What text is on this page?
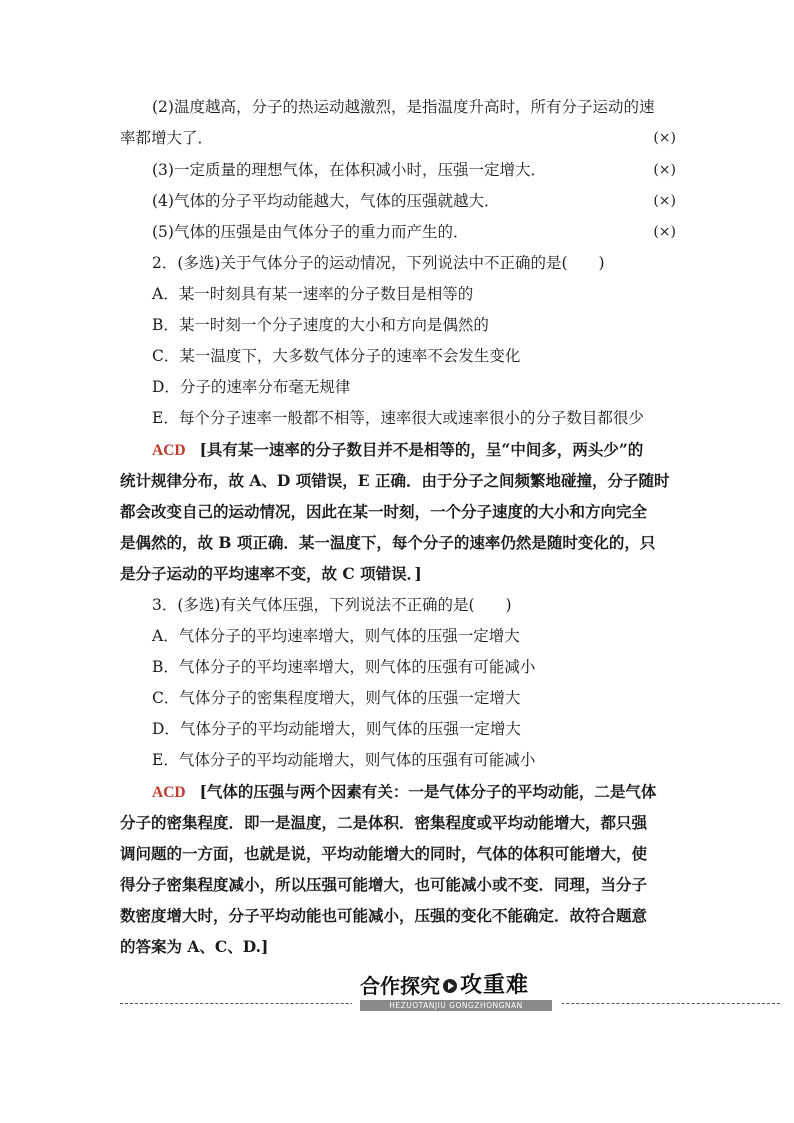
(2)温度越高，分子的热运动越激烈，是指温度升高时，所有分子运动的速
率都增大了．	(×)
(3)一定质量的理想气体，在体积减小时，压强一定增大．	(×)
(4)气体的分子平均动能越大，气体的压强就越大．	(×)
(5)气体的压强是由气体分子的重力而产生的．	(×)
2．(多选)关于气体分子的运动情况，下列说法中不正确的是(　　)
A．某一时刻具有某一速率的分子数目是相等的
B．某一时刻一个分子速度的大小和方向是偶然的
C．某一温度下，大多数气体分子的速率不会发生变化
D．分子的速率分布毫无规律
E．每个分子速率一般都不相等，速率很大或速率很小的分子数目都很少
ACD [具有某一速率的分子数目并不是相等的，呈“中间多，两头少”的
统计规律分布，故 A、D 项错误，E 正确．由于分子之间频繁地碰撞，分子随时
都会改变自己的运动情况，因此在某一时刻，一个分子速度的大小和方向完全
是偶然的，故 B 项正确．某一温度下，每个分子的速率仍然是随时变化的，只
是分子运动的平均速率不变，故 C 项错误．]
3．(多选)有关气体压强，下列说法不正确的是(　　)
A．气体分子的平均速率增大，则气体的压强一定增大
B．气体分子的平均速率增大，则气体的压强有可能减小
C．气体分子的密集程度增大，则气体的压强一定增大
D．气体分子的平均动能增大，则气体的压强一定增大
E．气体分子的平均动能增大，则气体的压强有可能减小
ACD [气体的压强与两个因素有关：一是气体分子的平均动能，二是气体
分子的密集程度．即一是温度，二是体积．密集程度或平均动能增大，都只强
调问题的一方面，也就是说，平均动能增大的同时，气体的体积可能增大，使
得分子密集程度减小，所以压强可能增大，也可能减小或不变．同理，当分子
数密度增大时，分子平均动能也可能减小，压强的变化不能确定．故符合题意
的答案为 A、C、D.]
合作探究 攻重难
HEZUOTANJIU GONGZHONGNAN
